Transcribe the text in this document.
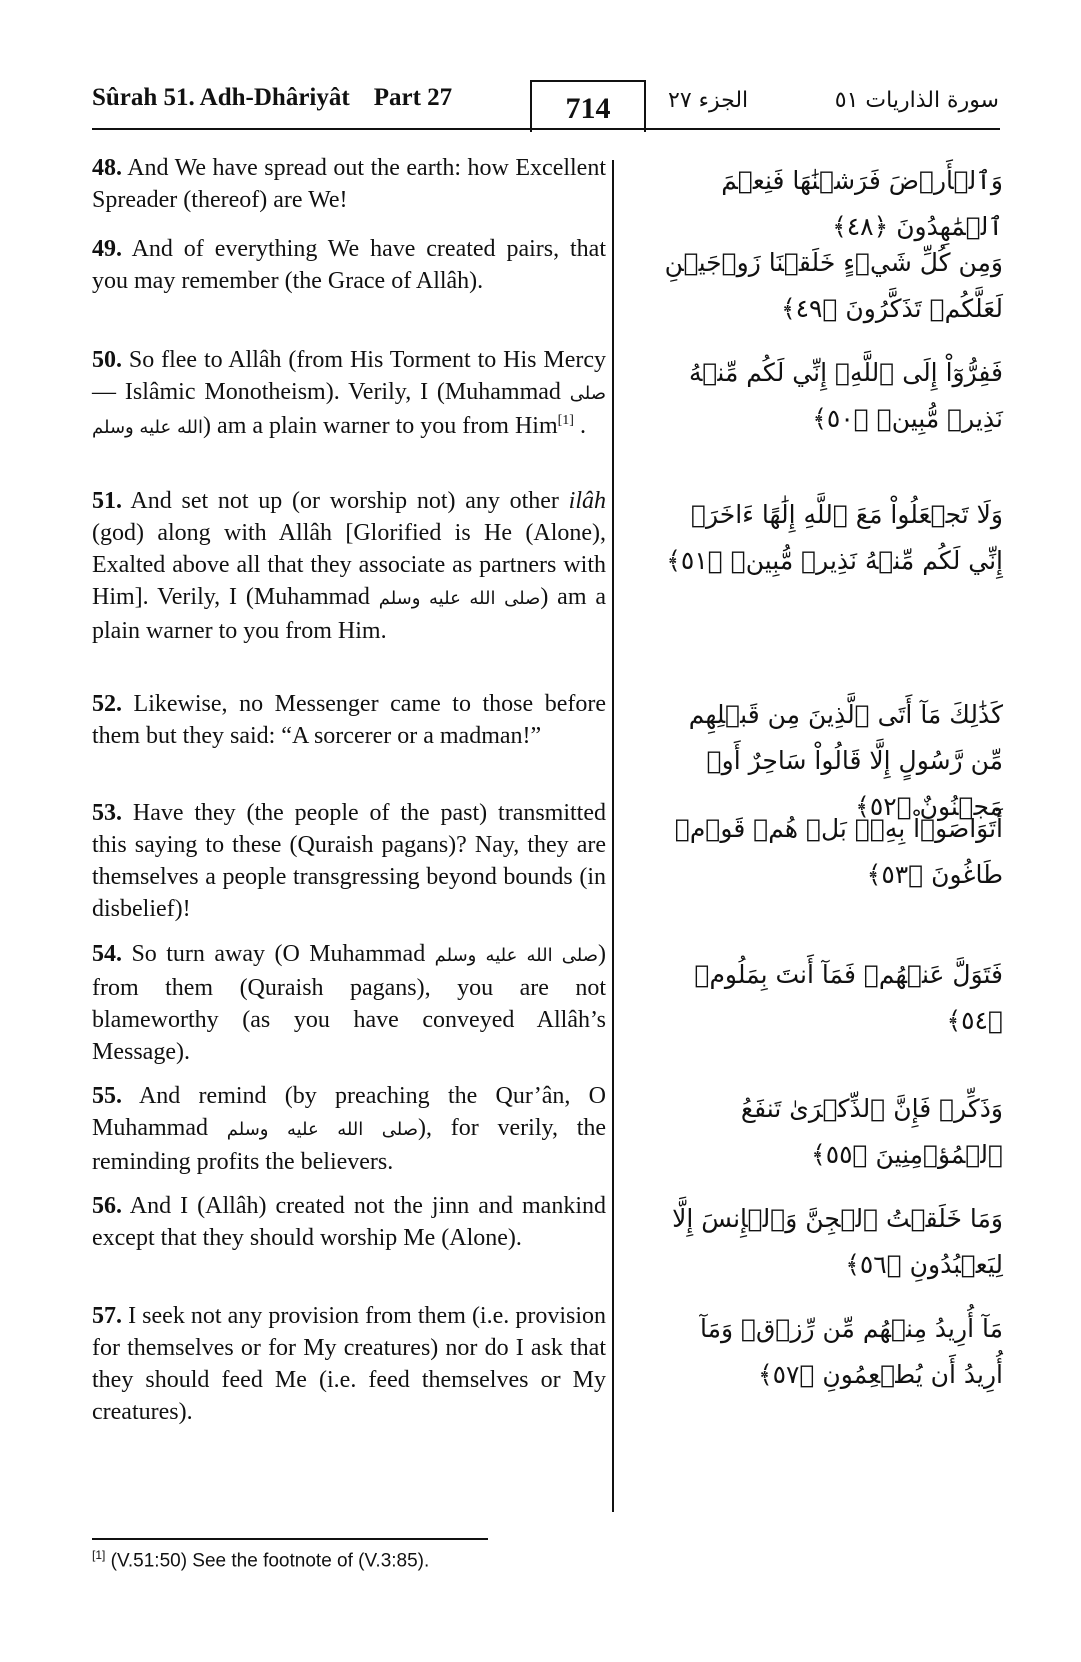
Sûrah 51. Adh-Dhâriyât Part 27	714	الجزء ٢٧	سورة الذاريات ٥١
48. And We have spread out the earth: how Excellent Spreader (thereof) are We!
وَٱلۡأَرۡضَ فَرَشۡنَٰهَا فَنِعۡمَ ٱلۡمَٰهِدُونَ ﴿٤٨﴾
49. And of everything We have created pairs, that you may remember (the Grace of Allâh).
وَمِن كُلِّ شَيۡءٍ خَلَقۡنَا زَوۡجَيۡنِ لَعَلَّكُمۡ تَذَكَّرُونَ ﴿٤٩﴾
50. So flee to Allâh (from His Torment to His Mercy — Islâmic Monotheism). Verily, I (Muhammad صلى الله عليه وسلم) am a plain warner to you from Him[1] .
فَفِرُّوٓاْ إِلَى ٱللَّهِۖ إِنِّي لَكُم مِّنۡهُ نَذِيرٞ مُّبِينٞ ﴿٥٠﴾
51. And set not up (or worship not) any other ilâh (god) along with Allâh [Glorified is He (Alone), Exalted above all that they associate as partners with Him]. Verily, I (Muhammad صلى الله عليه وسلم) am a plain warner to you from Him.
وَلَا تَجۡعَلُواْ مَعَ ٱللَّهِ إِلَٰهًا ءَاخَرَۖ إِنِّي لَكُم مِّنۡهُ نَذِيرٞ مُّبِينٞ ﴿٥١﴾
52. Likewise, no Messenger came to those before them but they said: “A sorcerer or a madman!”
كَذَٰلِكَ مَآ أَتَى ٱلَّذِينَ مِن قَبۡلِهِم مِّن رَّسُولٍ إِلَّا قَالُواْ سَاحِرٌ أَوۡ مَجۡنُونٌ ﴿٥٢﴾
53. Have they (the people of the past) transmitted this saying to these (Quraish pagans)? Nay, they are themselves a people transgressing beyond bounds (in disbelief)!
أَتَوَاصَوۡاْ بِهِۦۚ بَلۡ هُمۡ قَوۡمٞ طَاغُونَ ﴿٥٣﴾
54. So turn away (O Muhammad صلى الله عليه وسلم) from them (Quraish pagans), you are not blameworthy (as you have conveyed Allâh’s Message).
فَتَوَلَّ عَنۡهُمۡ فَمَآ أَنتَ بِمَلُومٖ ﴿٥٤﴾
55. And remind (by preaching the Qur’ân, O Muhammad صلى الله عليه وسلم), for verily, the reminding profits the believers.
وَذَكِّرۡ فَإِنَّ ٱلذِّكۡرَىٰ تَنفَعُ ٱلۡمُؤۡمِنِينَ ﴿٥٥﴾
56. And I (Allâh) created not the jinn and mankind except that they should worship Me (Alone).
وَمَا خَلَقۡتُ ٱلۡجِنَّ وَٱلۡإِنسَ إِلَّا لِيَعۡبُدُونِ ﴿٥٦﴾
57. I seek not any provision from them (i.e. provision for themselves or for My creatures) nor do I ask that they should feed Me (i.e. feed themselves or My creatures).
مَآ أُرِيدُ مِنۡهُم مِّن رِّزۡقٖ وَمَآ أُرِيدُ أَن يُطۡعِمُونِ ﴿٥٧﴾
[1] (V.51:50) See the footnote of (V.3:85).
